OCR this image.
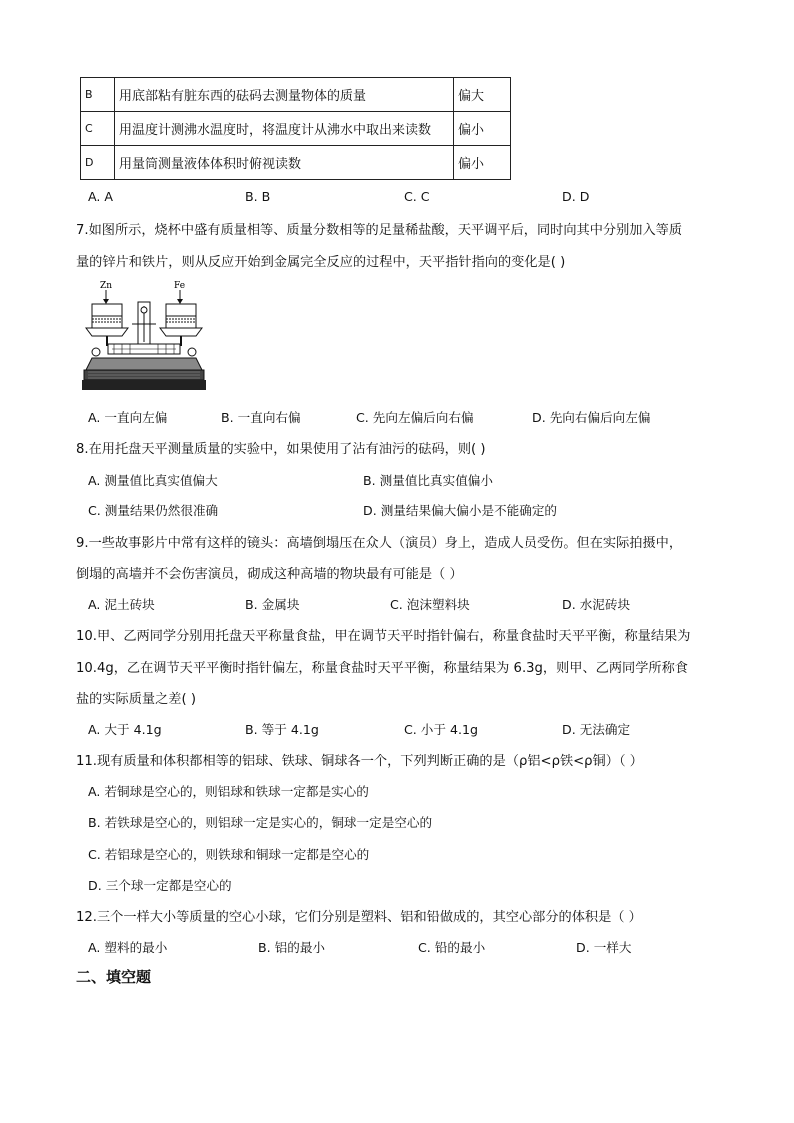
B	用底部粘有脏东西的砝码去测量物体的质量	偏大
C	用温度计测沸水温度时，将温度计从沸水中取出来读数	偏小
D	用量筒测量液体体积时俯视读数	偏小
A. A	B. B	C. C	D. D
7.如图所示，烧杯中盛有质量相等、质量分数相等的足量稀盐酸，天平调平后，同时向其中分别加入等质
量的锌片和铁片，则从反应开始到金属完全反应的过程中，天平指针指向的变化是( )
Zn	Fe
A. 一直向左偏	B. 一直向右偏	C. 先向左偏后向右偏	D. 先向右偏后向左偏
8.在用托盘天平测量质量的实验中，如果使用了沾有油污的砝码，则( )
A. 测量值比真实值偏大	B. 测量值比真实值偏小
C. 测量结果仍然很准确	D. 测量结果偏大偏小是不能确定的
9.一些故事影片中常有这样的镜头：高墙倒塌压在众人（演员）身上，造成人员受伤。但在实际拍摄中，
倒塌的高墙并不会伤害演员，砌成这种高墙的物块最有可能是（ ）
A. 泥土砖块	B. 金属块	C. 泡沫塑料块	D. 水泥砖块
10.甲、乙两同学分别用托盘天平称量食盐，甲在调节天平时指针偏右，称量食盐时天平平衡，称量结果为
10.4g，乙在调节天平平衡时指针偏左，称量食盐时天平平衡，称量结果为 6.3g，则甲、乙两同学所称食
盐的实际质量之差( )
A. 大于 4.1g	B. 等于 4.1g	C. 小于 4.1g	D. 无法确定
11.现有质量和体积都相等的铝球、铁球、铜球各一个，下列判断正确的是（ρ铝<ρ铁<ρ铜）（ ）
A. 若铜球是空心的，则铝球和铁球一定都是实心的
B. 若铁球是空心的，则铝球一定是实心的，铜球一定是空心的
C. 若铝球是空心的，则铁球和铜球一定都是空心的
D. 三个球一定都是空心的
12.三个一样大小等质量的空心小球，它们分别是塑料、铝和铅做成的，其空心部分的体积是（ ）
A. 塑料的最小	B. 铝的最小	C. 铅的最小	D. 一样大
二、填空题
